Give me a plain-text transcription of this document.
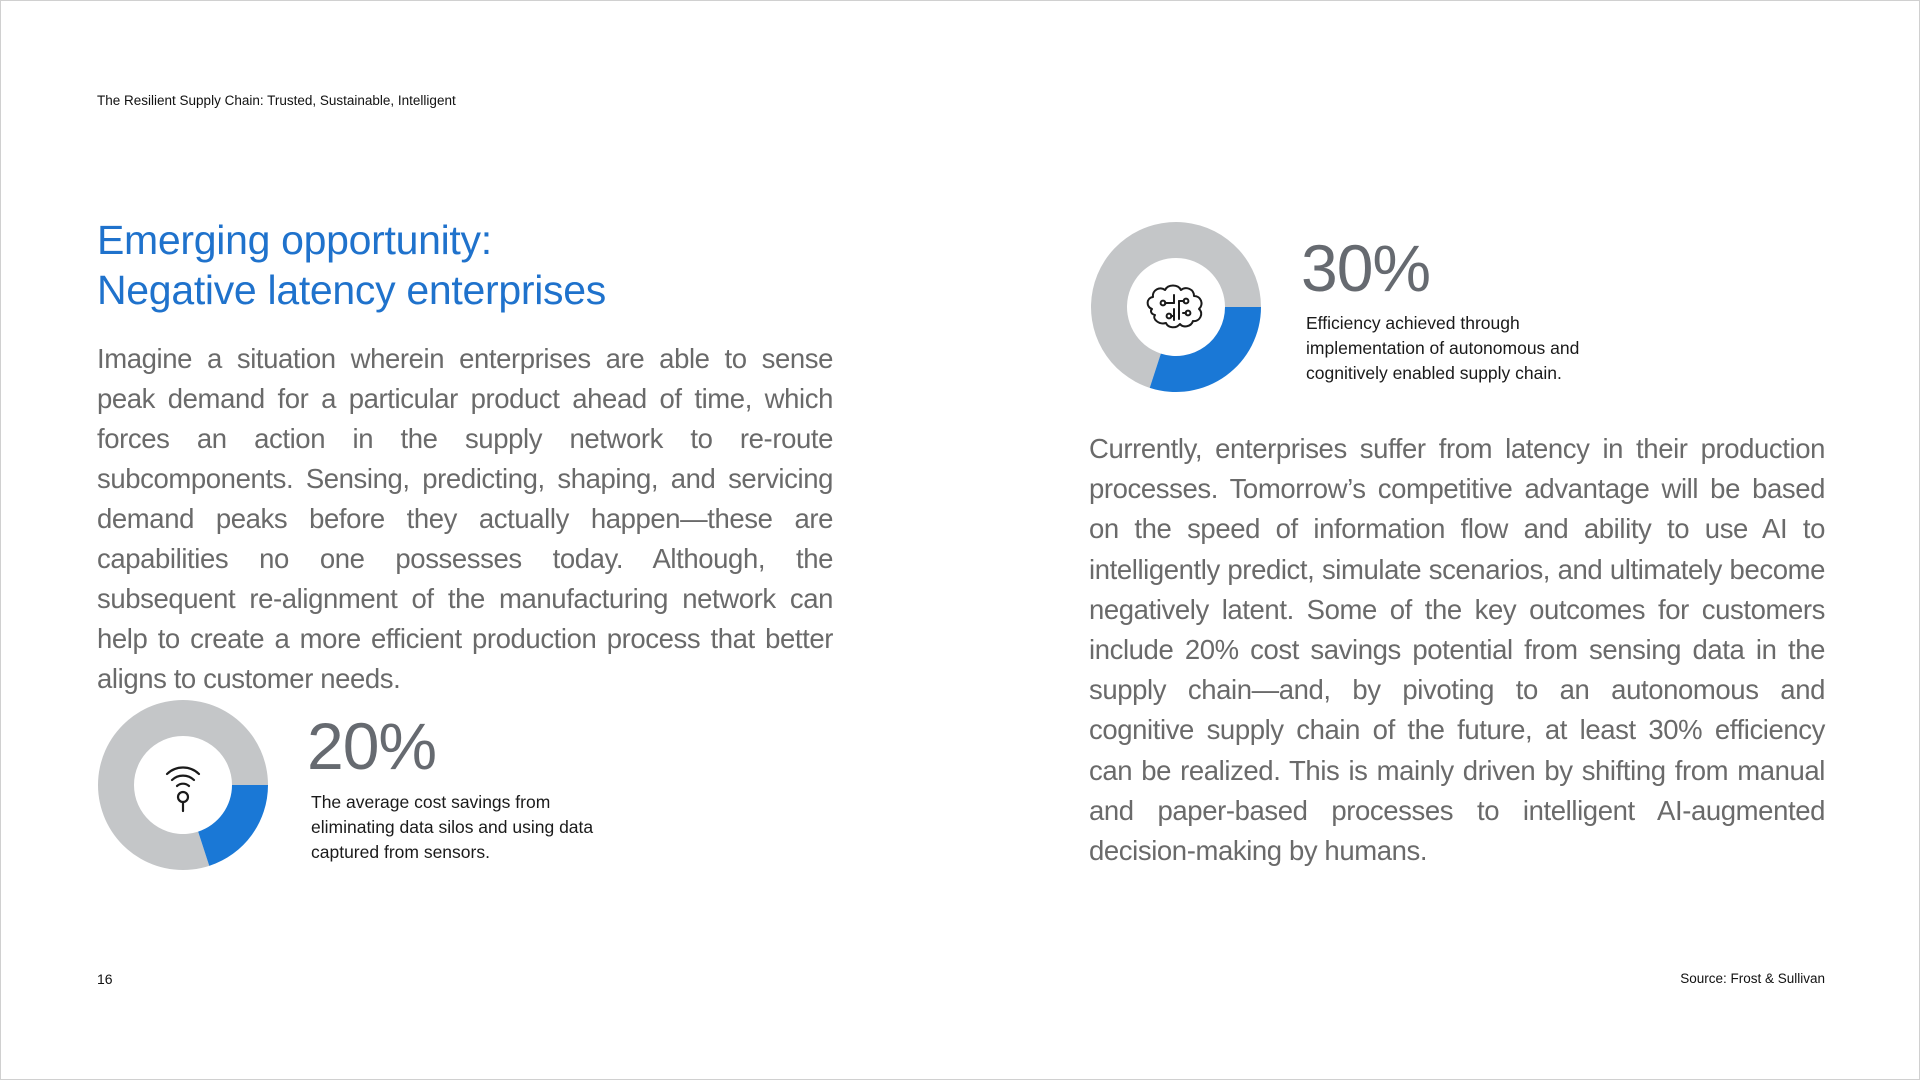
The Resilient Supply Chain: Trusted, Sustainable, Intelligent
Emerging opportunity:
Negative latency enterprises

Imagine a situation wherein enterprises are able to sense peak demand for a particular product ahead of time, which forces an action in the supply network to re-route subcomponents. Sensing, predicting, shaping, and servicing demand peaks before they actually happen—these are capabilities no one possesses today. Although, the subsequent re-alignment of the manufacturing network can help to create a more efficient production process that better aligns to customer needs.

20%

The average cost savings from eliminating data silos and using data captured from sensors.

30%

Efficiency achieved through implementation of autonomous and cognitively enabled supply chain.

Currently, enterprises suffer from latency in their production processes. Tomorrow’s competitive advantage will be based on the speed of information flow and ability to use AI to intelligently predict, simulate scenarios, and ultimately become negatively latent. Some of the key outcomes for customers include 20% cost savings potential from sensing data in the supply chain—and, by pivoting to an autonomous and cognitive supply chain of the future, at least 30% efficiency can be realized. This is mainly driven by shifting from manual and paper-based processes to intelligent AI-augmented decision-making by humans.

16	Source: Frost & Sullivan
